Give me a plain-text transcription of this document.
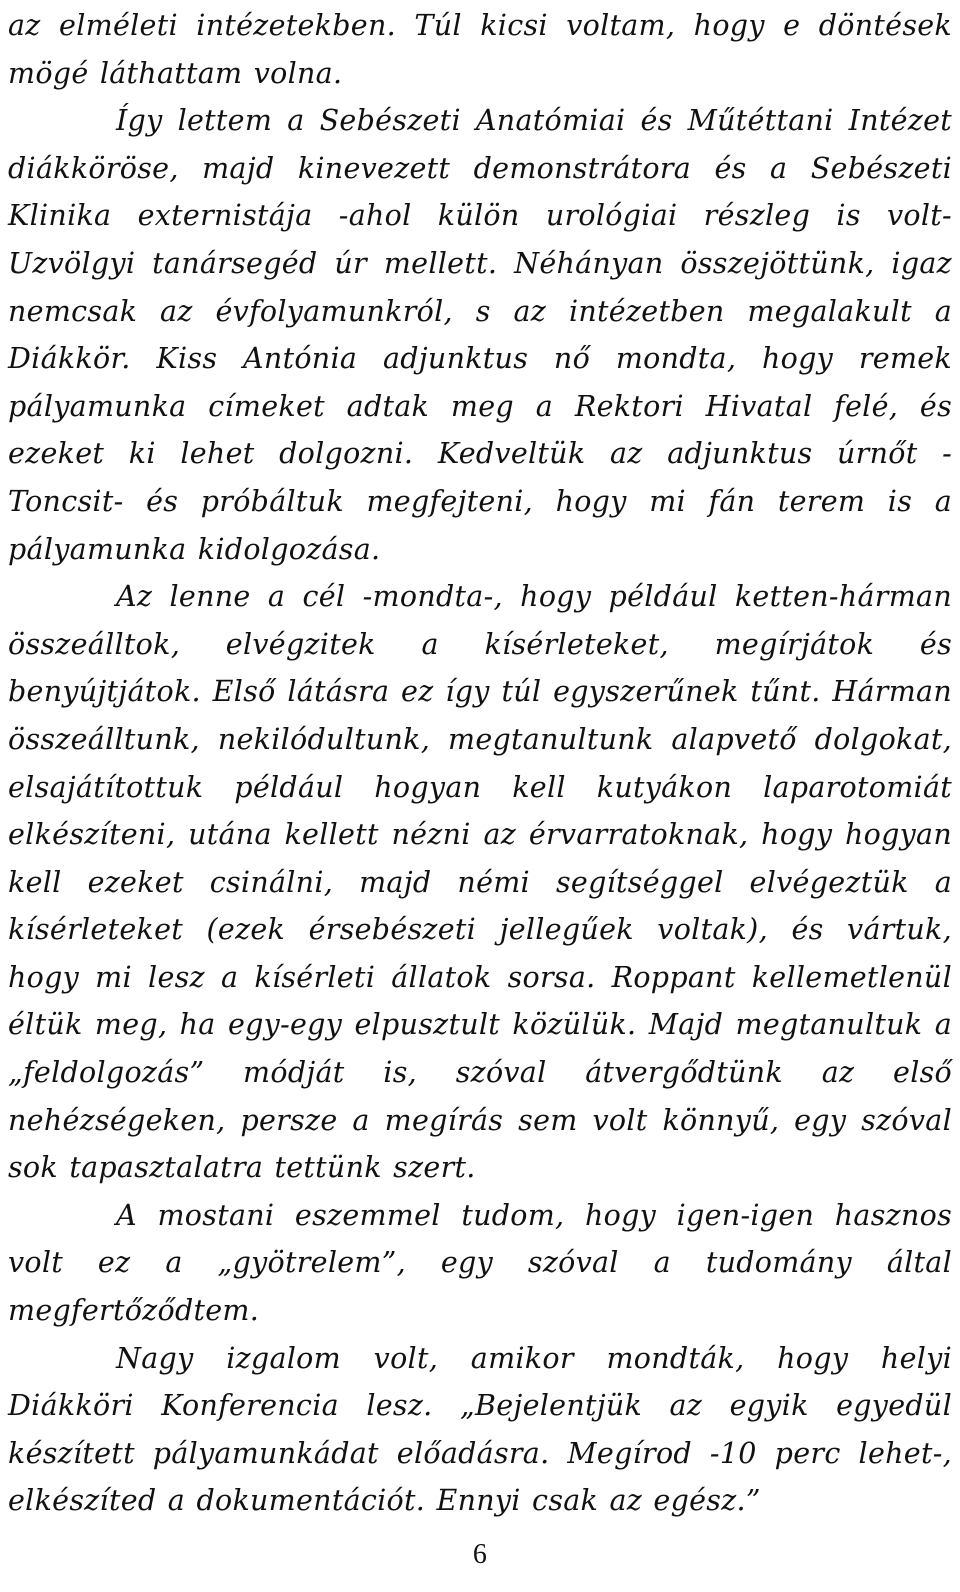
az elméleti intézetekben. Túl kicsi voltam, hogy e döntések mögé láthattam volna.

Így lettem a Sebészeti Anatómiai és Műtéttani Intézet diákköröse, majd kinevezett demonstrátora és a Sebészeti Klinika externistája -ahol külön urológiai részleg is volt- Uzvölgyi tanársegéd úr mellett. Néhányan összejöttünk, igaz nemcsak az évfolyamunkról, s az intézetben megalakult a Diákkör. Kiss Antónia adjunktus nő mondta, hogy remek pályamunka címeket adtak meg a Rektori Hivatal felé, és ezeket ki lehet dolgozni. Kedveltük az adjunktus úrnőt -Toncsit- és próbáltuk megfejteni, hogy mi fán terem is a pályamunka kidolgozása.

Az lenne a cél -mondta-, hogy például ketten-hárman összeálltok, elvégzitek a kísérleteket, megírjátok és benyújtjátok. Első látásra ez így túl egyszerűnek tűnt. Hárman összeálltunk, nekilódultunk, megtanultunk alapvető dolgokat, elsajátítottuk például hogyan kell kutyákon laparotomiát elkészíteni, utána kellett nézni az érvarratoknak, hogy hogyan kell ezeket csinálni, majd némi segítséggel elvégeztük a kísérleteket (ezek érsebészeti jellegűek voltak), és vártuk, hogy mi lesz a kísérleti állatok sorsa. Roppant kellemetlenül éltük meg, ha egy-egy elpusztult közülük. Majd megtanultuk a „feldolgozás” módját is, szóval átvergődtünk az első nehézségeken, persze a megírás sem volt könnyű, egy szóval sok tapasztalatra tettünk szert.

A mostani eszemmel tudom, hogy igen-igen hasznos volt ez a „gyötrelem”, egy szóval a tudomány által megfertőződtem.

Nagy izgalom volt, amikor mondták, hogy helyi Diákköri Konferencia lesz. „Bejelentjük az egyik egyedül készített pályamunkádat előadásra. Megírod -10 perc lehet-, elkészíted a dokumentációt. Ennyi csak az egész.”

6
